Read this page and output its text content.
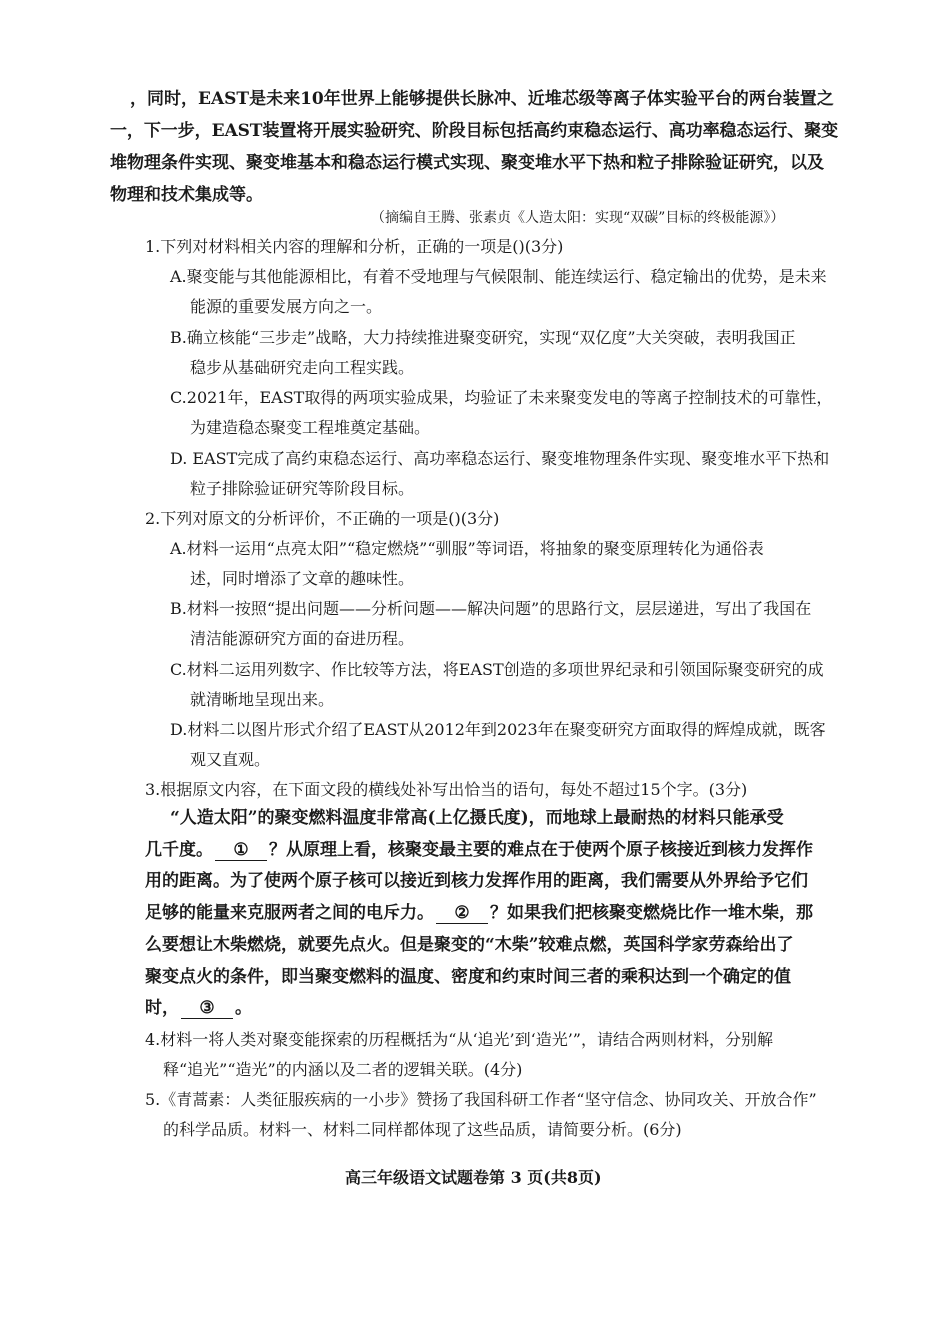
，同时，EAST是未来10年世界上能够提供长脉冲、近堆芯级等离子体实验平台的两台装置之
一，下一步，EAST装置将开展实验研究、阶段目标包括高约束稳态运行、高功率稳态运行、聚变
堆物理条件实现、聚变堆基本和稳态运行模式实现、聚变堆水平下热和粒子排除验证研究，以及
物理和技术集成等。
（摘编自王腾、张素贞《人造太阳：实现“双碳”目标的终极能源》）
1.下列对材料相关内容的理解和分析，正确的一项是()(3分)
A.聚变能与其他能源相比，有着不受地理与气候限制、能连续运行、稳定输出的优势，是未来
能源的重要发展方向之一。
B.确立核能“三步走”战略，大力持续推进聚变研究，实现“双亿度”大关突破，表明我国正
稳步从基础研究走向工程实践。
C.2021年，EAST取得的两项实验成果，均验证了未来聚变发电的等离子控制技术的可靠性，
为建造稳态聚变工程堆奠定基础。
D. EAST完成了高约束稳态运行、高功率稳态运行、聚变堆物理条件实现、聚变堆水平下热和
粒子排除验证研究等阶段目标。
2.下列对原文的分析评价，不正确的一项是()(3分)
A.材料一运用“点亮太阳”“稳定燃烧”“驯服”等词语，将抽象的聚变原理转化为通俗表
述，同时增添了文章的趣味性。
B.材料一按照“提出问题——分析问题——解决问题”的思路行文，层层递进，写出了我国在
清洁能源研究方面的奋进历程。
C.材料二运用列数字、作比较等方法，将EAST创造的多项世界纪录和引领国际聚变研究的成
就清晰地呈现出来。
D.材料二以图片形式介绍了EAST从2012年到2023年在聚变研究方面取得的辉煌成就，既客
观又直观。
3.根据原文内容，在下面文段的横线处补写出恰当的语句，每处不超过15个字。(3分)
“人造太阳”的聚变燃料温度非常高(上亿摄氏度)，而地球上最耐热的材料只能承受
几千度。 ① ？从原理上看，核聚变最主要的难点在于使两个原子核接近到核力发挥作
用的距离。为了使两个原子核可以接近到核力发挥作用的距离，我们需要从外界给予它们
足够的能量来克服两者之间的电斥力。 ② ？如果我们把核聚变燃烧比作一堆木柴，那
么要想让木柴燃烧，就要先点火。但是聚变的“木柴”较难点燃，英国科学家劳森给出了
聚变点火的条件，即当聚变燃料的温度、密度和约束时间三者的乘积达到一个确定的值
时， ③ 。
4.材料一将人类对聚变能探索的历程概括为“从‘追光’到‘造光’”，请结合两则材料，分别解
释“追光”“造光”的内涵以及二者的逻辑关联。(4分)
5.《青蒿素：人类征服疾病的一小步》赞扬了我国科研工作者“坚守信念、协同攻关、开放合作”
的科学品质。材料一、材料二同样都体现了这些品质，请简要分析。(6分)
高三年级语文试题卷第 3 页(共8页)
